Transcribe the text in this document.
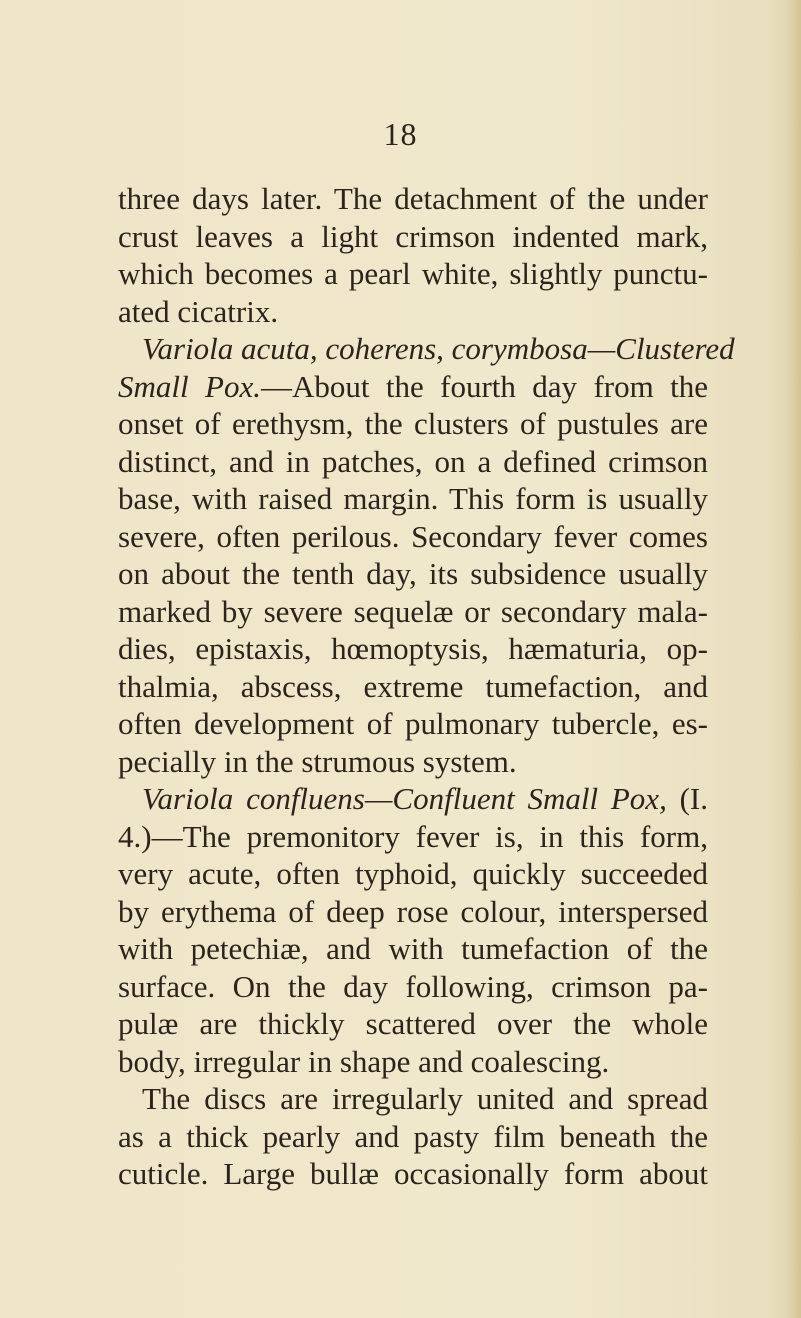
18
three days later. The detachment of the under
crust leaves a light crimson indented mark,
which becomes a pearl white, slightly punctu-
ated cicatrix.
Variola acuta, coherens, corymbosa—Clustered
Small Pox.—About the fourth day from the
onset of erethysm, the clusters of pustules are
distinct, and in patches, on a defined crimson
base, with raised margin. This form is usually
severe, often perilous. Secondary fever comes
on about the tenth day, its subsidence usually
marked by severe sequelæ or secondary mala-
dies, epistaxis, hœmoptysis, hæmaturia, op-
thalmia, abscess, extreme tumefaction, and
often development of pulmonary tubercle, es-
pecially in the strumous system.
Variola confluens—Confluent Small Pox, (I.
4.)—The premonitory fever is, in this form,
very acute, often typhoid, quickly succeeded
by erythema of deep rose colour, interspersed
with petechiæ, and with tumefaction of the
surface. On the day following, crimson pa-
pulæ are thickly scattered over the whole
body, irregular in shape and coalescing.
The discs are irregularly united and spread
as a thick pearly and pasty film beneath the
cuticle. Large bullæ occasionally form about
